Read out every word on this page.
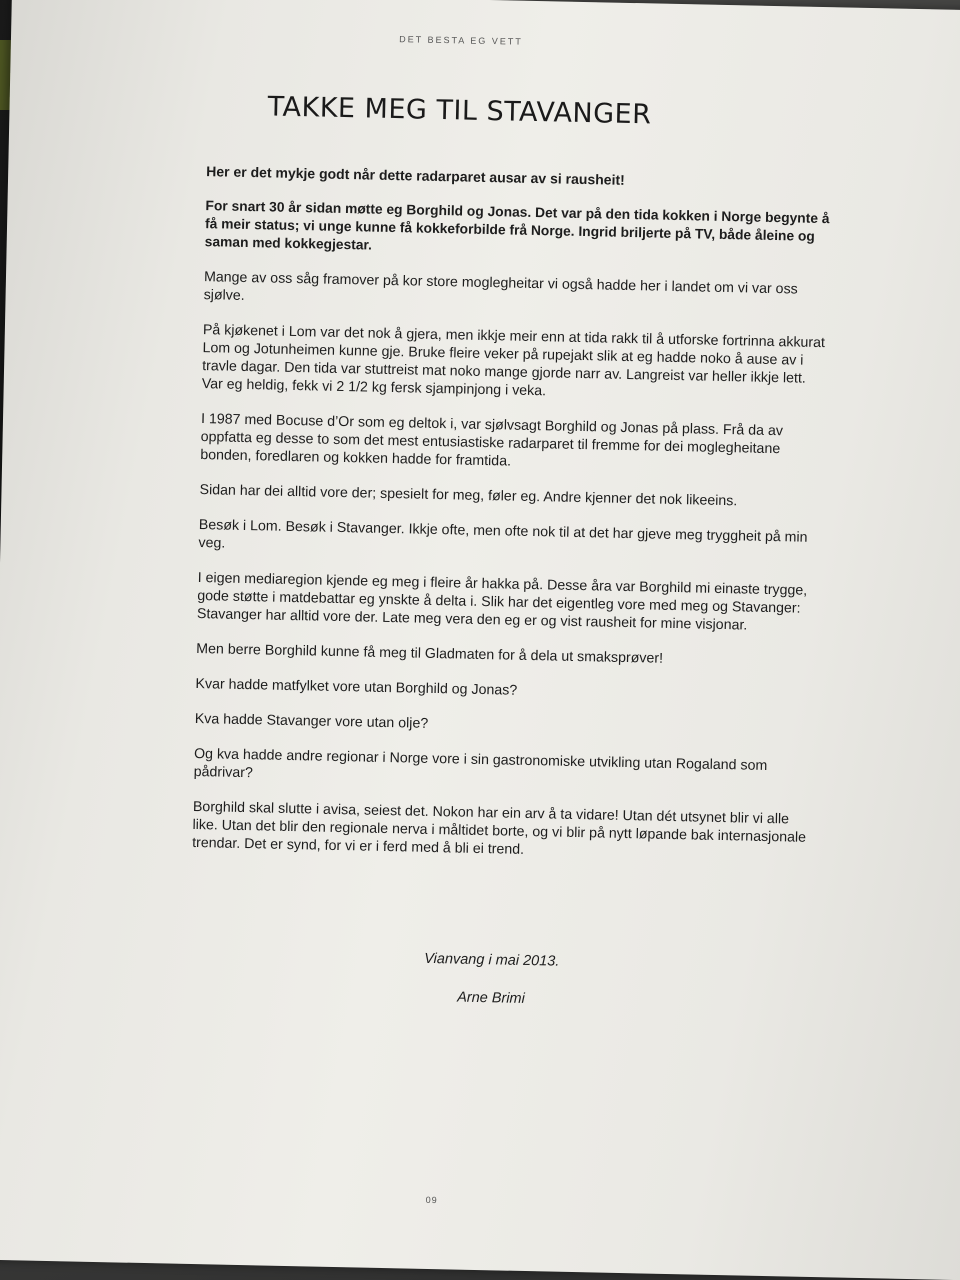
DET BESTA EG VETT
TAKKE MEG TIL STAVANGER

Her er det mykje godt når dette radarparet ausar av si rausheit!

For snart 30 år sidan møtte eg Borghild og Jonas. Det var på den tida kokken i Norge begynte å få meir status; vi unge kunne få kokkeforbilde frå Norge. Ingrid briljerte på TV, både åleine og saman med kokkegjestar.

Mange av oss såg framover på kor store moglegheitar vi også hadde her i landet om vi var oss sjølve.

På kjøkenet i Lom var det nok å gjera, men ikkje meir enn at tida rakk til å utforske fortrinna akkurat Lom og Jotunheimen kunne gje. Bruke fleire veker på rupejakt slik at eg hadde noko å ause av i travle dagar. Den tida var stuttreist mat noko mange gjorde narr av. Langreist var heller ikkje lett. Var eg heldig, fekk vi 2 1/2 kg fersk sjampinjong i veka.

I 1987 med Bocuse d’Or som eg deltok i, var sjølvsagt Borghild og Jonas på plass. Frå da av oppfatta eg desse to som det mest entusiastiske radarparet til fremme for dei moglegheitane bonden, foredlaren og kokken hadde for framtida.

Sidan har dei alltid vore der; spesielt for meg, føler eg. Andre kjenner det nok likeeins.

Besøk i Lom. Besøk i Stavanger. Ikkje ofte, men ofte nok til at det har gjeve meg tryggheit på min veg.

I eigen mediaregion kjende eg meg i fleire år hakka på. Desse åra var Borghild mi einaste trygge, gode støtte i matdebattar eg ynskte å delta i. Slik har det eigentleg vore med meg og Stavanger: Stavanger har alltid vore der. Late meg vera den eg er og vist rausheit for mine visjonar.

Men berre Borghild kunne få meg til Gladmaten for å dela ut smaksprøver!

Kvar hadde matfylket vore utan Borghild og Jonas?

Kva hadde Stavanger vore utan olje?

Og kva hadde andre regionar i Norge vore i sin gastronomiske utvikling utan Rogaland som pådrivar?

Borghild skal slutte i avisa, seiest det. Nokon har ein arv å ta vidare! Utan dét utsynet blir vi alle like. Utan det blir den regionale nerva i måltidet borte, og vi blir på nytt løpande bak internasjonale trendar. Det er synd, for vi er i ferd med å bli ei trend.

Vianvang i mai 2013.
Arne Brimi
09
